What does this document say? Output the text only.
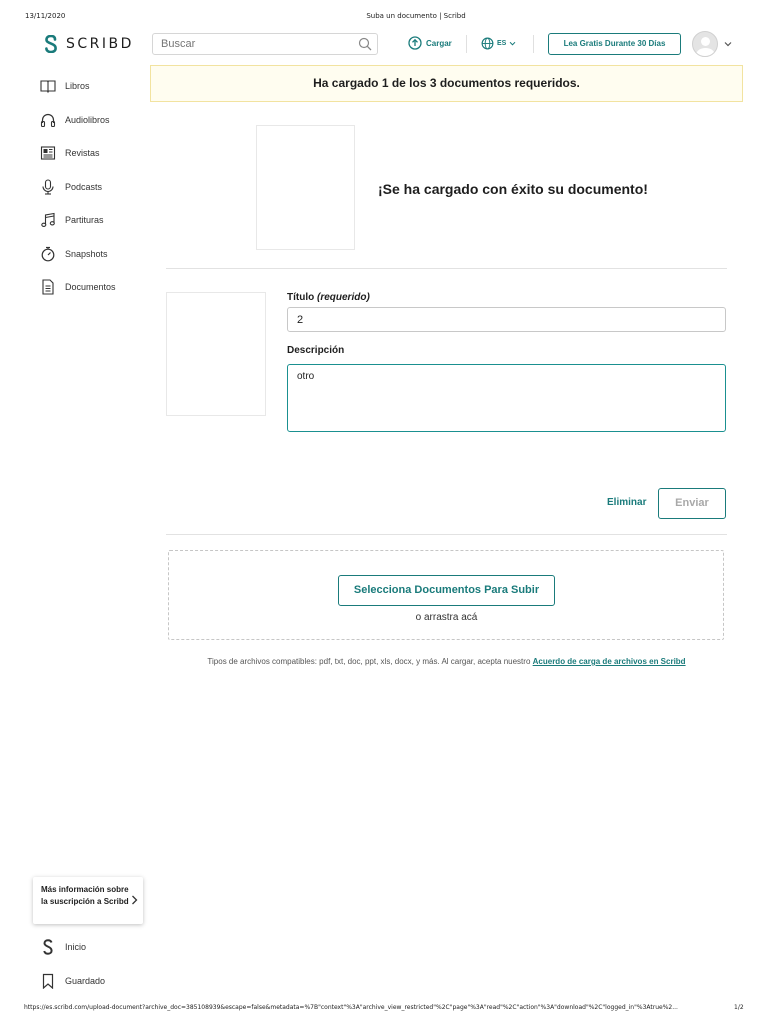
13/11/2020	Suba un documento | Scribd
SCRIBD
Buscar	Cargar	ES	Lea Gratis Durante 30 Días
Libros
Audiolibros
Revistas
Podcasts
Partituras
Snapshots
Documentos
Más información sobre la suscripción a Scribd
Inicio
Guardado
Ha cargado 1 de los 3 documentos requeridos.
¡Se ha cargado con éxito su documento!
Título (requerido)
2
Descripción
otro
Eliminar	Enviar
Selecciona Documentos Para Subir
o arrastra acá
Tipos de archivos compatibles: pdf, txt, doc, ppt, xls, docx, y más. Al cargar, acepta nuestro Acuerdo de carga de archivos en Scribd
https://es.scribd.com/upload-document?archive_doc=385108939&escape=false&metadata=%7B"context"%3A"archive_view_restricted"%2C"page"%3A"read"%2C"action"%3A"download"%2C"logged_in"%3Atrue%2...	1/2
